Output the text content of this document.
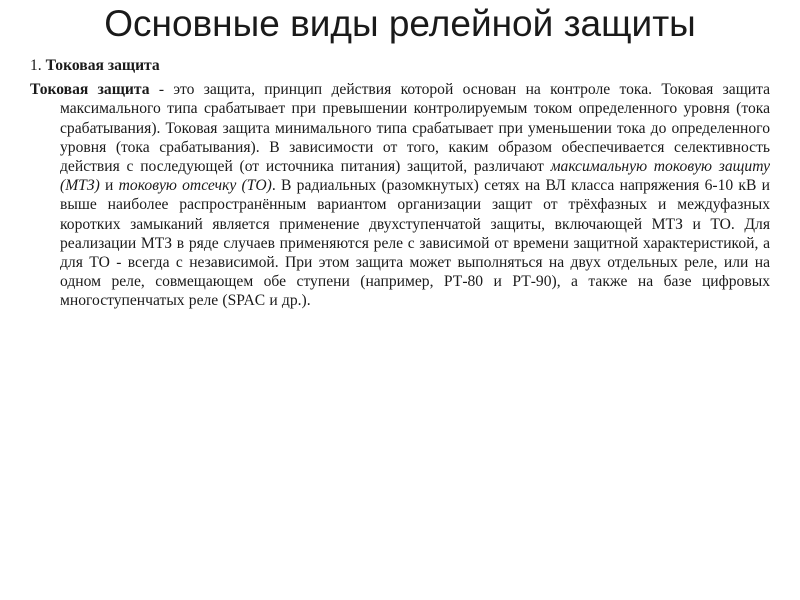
Основные виды релейной защиты

1. Токовая защита

Токовая защита - это защита, принцип действия которой основан на контроле тока. Токовая защита максимального типа срабатывает при превышении контролируемым током определенного уровня (тока срабатывания). Токовая защита минимального типа срабатывает при уменьшении тока до определенного уровня (тока срабатывания). В зависимости от того, каким образом обеспечивается селективность действия с последующей (от источника питания) защитой, различают максимальную токовую защиту (МТЗ) и токовую отсечку (ТО). В радиальных (разомкнутых) сетях на ВЛ класса напряжения 6-10 кВ и выше наиболее распространённым вариантом организации защит от трёхфазных и междуфазных коротких замыканий является применение двухступенчатой защиты, включающей МТЗ и ТО. Для реализации МТЗ в ряде случаев применяются реле с зависимой от времени защитной характеристикой, а для ТО - всегда с независимой. При этом защита может выполняться на двух отдельных реле, или на одном реле, совмещающем обе ступени (например, РТ-80 и РТ-90), а также на базе цифровых многоступенчатых реле (SPAC и др.).
